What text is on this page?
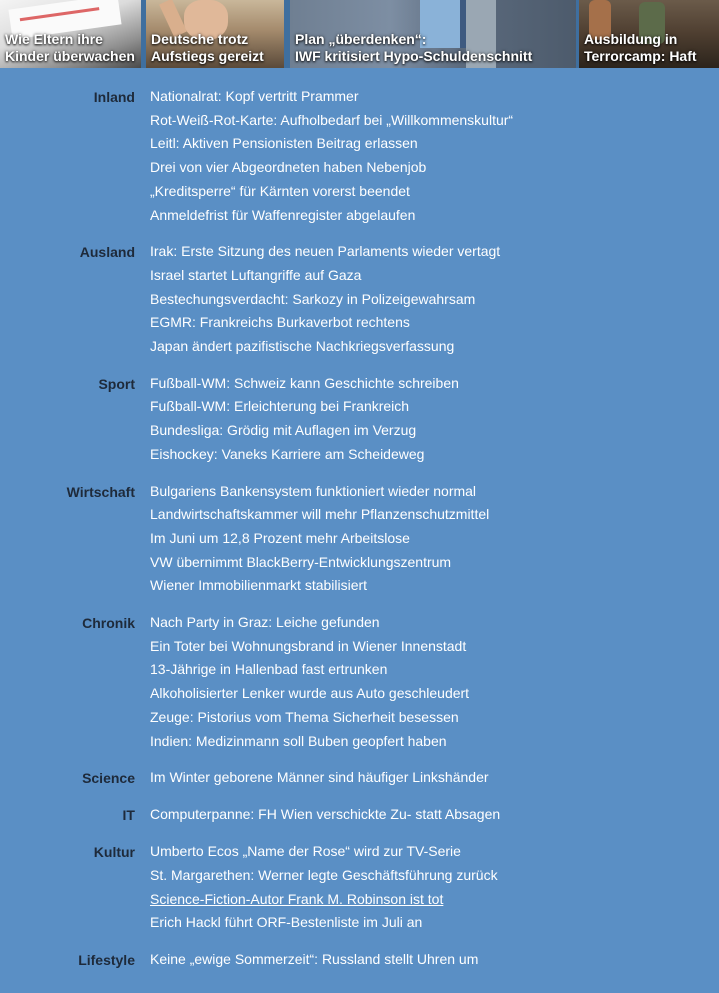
Wie Eltern ihre
Kinder überwachen
Deutsche trotz
Aufstiegs gereizt
Plan „überdenken“:
IWF kritisiert Hypo-Schuldenschnitt
Ausbildung in
Terrorcamp: Haft
Inland	Nationalrat: Kopf vertritt Prammer
Rot-Weiß-Rot-Karte: Aufholbedarf bei „Willkommenskultur“
Leitl: Aktiven Pensionisten Beitrag erlassen
Drei von vier Abgeordneten haben Nebenjob
„Kreditsperre“ für Kärnten vorerst beendet
Anmeldefrist für Waffenregister abgelaufen
Ausland	Irak: Erste Sitzung des neuen Parlaments wieder vertagt
Israel startet Luftangriffe auf Gaza
Bestechungsverdacht: Sarkozy in Polizeigewahrsam
EGMR: Frankreichs Burkaverbot rechtens
Japan ändert pazifistische Nachkriegsverfassung
Sport	Fußball-WM: Schweiz kann Geschichte schreiben
Fußball-WM: Erleichterung bei Frankreich
Bundesliga: Grödig mit Auflagen im Verzug
Eishockey: Vaneks Karriere am Scheideweg
Wirtschaft	Bulgariens Bankensystem funktioniert wieder normal
Landwirtschaftskammer will mehr Pflanzenschutzmittel
Im Juni um 12,8 Prozent mehr Arbeitslose
VW übernimmt BlackBerry-Entwicklungszentrum
Wiener Immobilienmarkt stabilisiert
Chronik	Nach Party in Graz: Leiche gefunden
Ein Toter bei Wohnungsbrand in Wiener Innenstadt
13-Jährige in Hallenbad fast ertrunken
Alkoholisierter Lenker wurde aus Auto geschleudert
Zeuge: Pistorius vom Thema Sicherheit besessen
Indien: Medizinmann soll Buben geopfert haben
Science	Im Winter geborene Männer sind häufiger Linkshänder
IT	Computerpanne: FH Wien verschickte Zu- statt Absagen
Kultur	Umberto Ecos „Name der Rose“ wird zur TV-Serie
St. Margarethen: Werner legte Geschäftsführung zurück
Science-Fiction-Autor Frank M. Robinson ist tot
Erich Hackl führt ORF-Bestenliste im Juli an
Lifestyle	Keine „ewige Sommerzeit“: Russland stellt Uhren um
